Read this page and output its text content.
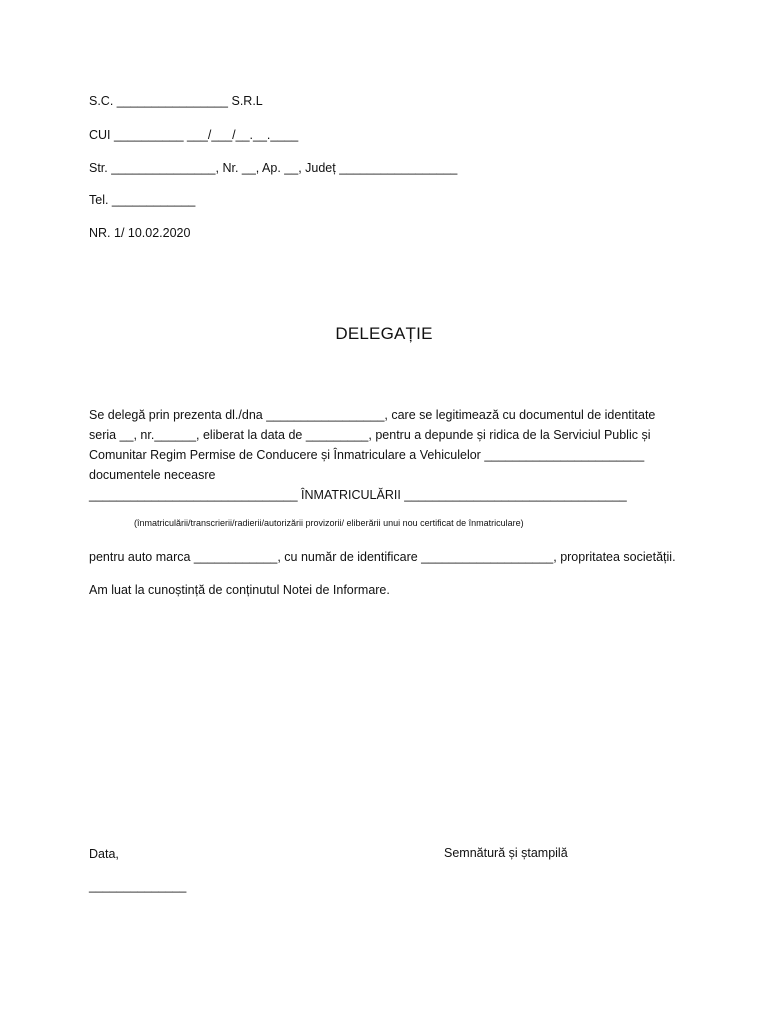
S.C. ________________ S.R.L
CUI __________ ___/___/__.__.____
Str. _______________, Nr. __, Ap. __, Județ _________________
Tel. ____________
NR. 1/ 10.02.2020
DELEGAȚIE
Se delegă prin prezenta dl./dna _________________, care se legitimează cu documentul de identitate
seria __, nr.______, eliberat la data de _________, pentru a depunde și ridica de la Serviciul Public și
Comunitar Regim Permise de Conducere și Înmatriculare a Vehiculelor _______________________
documentele neceasre
______________________________ ÎNMATRICULĂRII ________________________________
(înmatriculării/transcrierii/radierii/autorizării provizorii/ eliberării unui nou certificat de înmatriculare)
pentru auto marca ____________, cu număr de identificare ___________________, propritatea societății.
Am luat la cunoștință de conținutul Notei de Informare.
Data,	Semnătură și ștampilă
______________
